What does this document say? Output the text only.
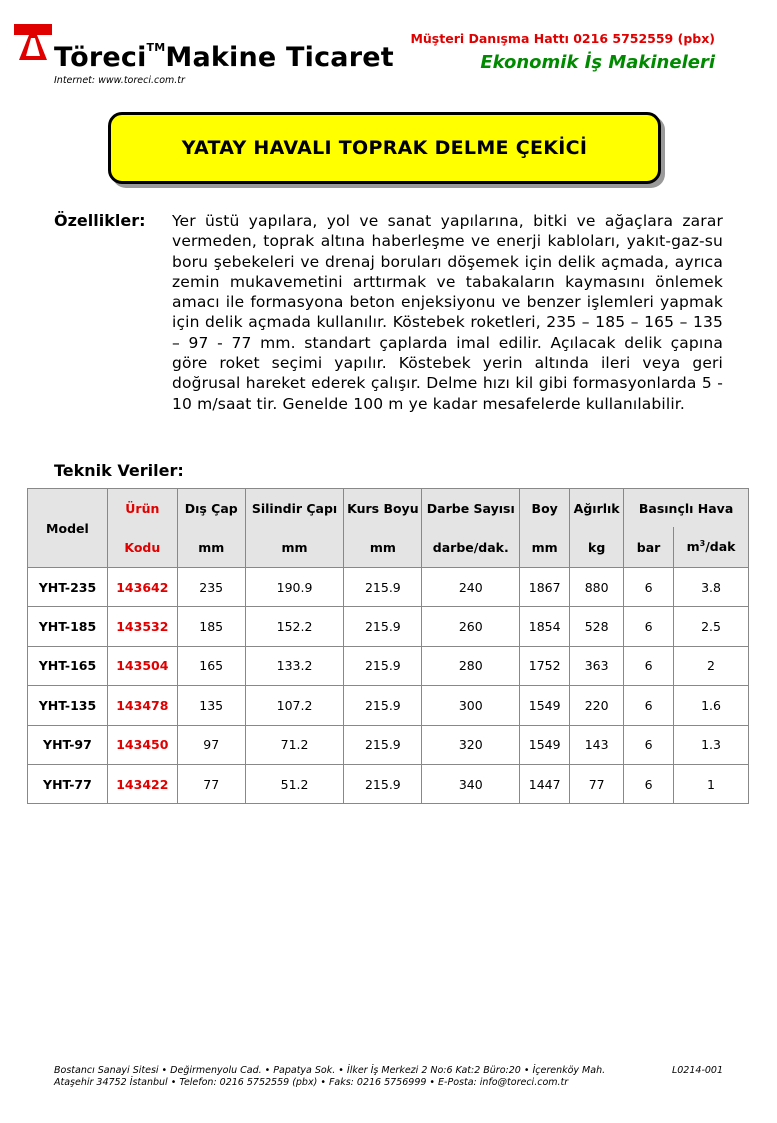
Töreci™Makine Ticaret
Internet: www.toreci.com.tr
Müşteri Danışma Hattı 0216 5752559 (pbx)
Ekonomik İş Makineleri
YATAY HAVALI TOPRAK DELME ÇEKİCİ
Özellikler: Yer üstü yapılara, yol ve sanat yapılarına, bitki ve ağaçlara zarar vermeden, toprak altına haberleşme ve enerji kabloları, yakıt-gaz-su boru şebekeleri ve drenaj boruları döşemek için delik açmada, ayrıca zemin mukavemetini arttırmak ve tabakaların kaymasını önlemek amacı ile formasyona beton enjeksiyonu ve benzer işlemleri yapmak için delik açmada kullanılır. Köstebek roketleri, 235 – 185 – 165 – 135 – 97 - 77 mm. standart çaplarda imal edilir. Açılacak delik çapına göre roket seçimi yapılır. Köstebek yerin altında ileri veya geri doğrusal hareket ederek çalışır. Delme hızı kil gibi formasyonlarda 5 - 10 m/saat tir. Genelde 100 m ye kadar mesafelerde kullanılabilir.
Teknik Veriler:
Model	Ürün	Dış Çap	Silindir Çapı	Kurs Boyu	Darbe Sayısı	Boy	Ağırlık	Basınçlı Hava	
	Kodu	mm	mm	mm	darbe/dak.	mm	kg	bar	$m^3$/dak
YHT-235	143642	235	190.9	215.9	240	1867	880	6	3.8
YHT-185	143532	185	152.2	215.9	260	1854	528	6	2.5
YHT-165	143504	165	133.2	215.9	280	1752	363	6	2
YHT-135	143478	135	107.2	215.9	300	1549	220	6	1.6
YHT-97	143450	97	71.2	215.9	320	1549	143	6	1.3
YHT-77	143422	77	51.2	215.9	340	1447	77	6	1
Bostancı Sanayi Sitesi • Değirmenyolu Cad. • Papatya Sok. • İlker İş Merkezi 2 No:6 Kat:2 Büro:20 • İçerenköy Mah.
Ataşehir 34752 İstanbul • Telefon: 0216 5752559 (pbx) • Faks: 0216 5756999 • E-Posta: info@toreci.com.tr
L0214-001
